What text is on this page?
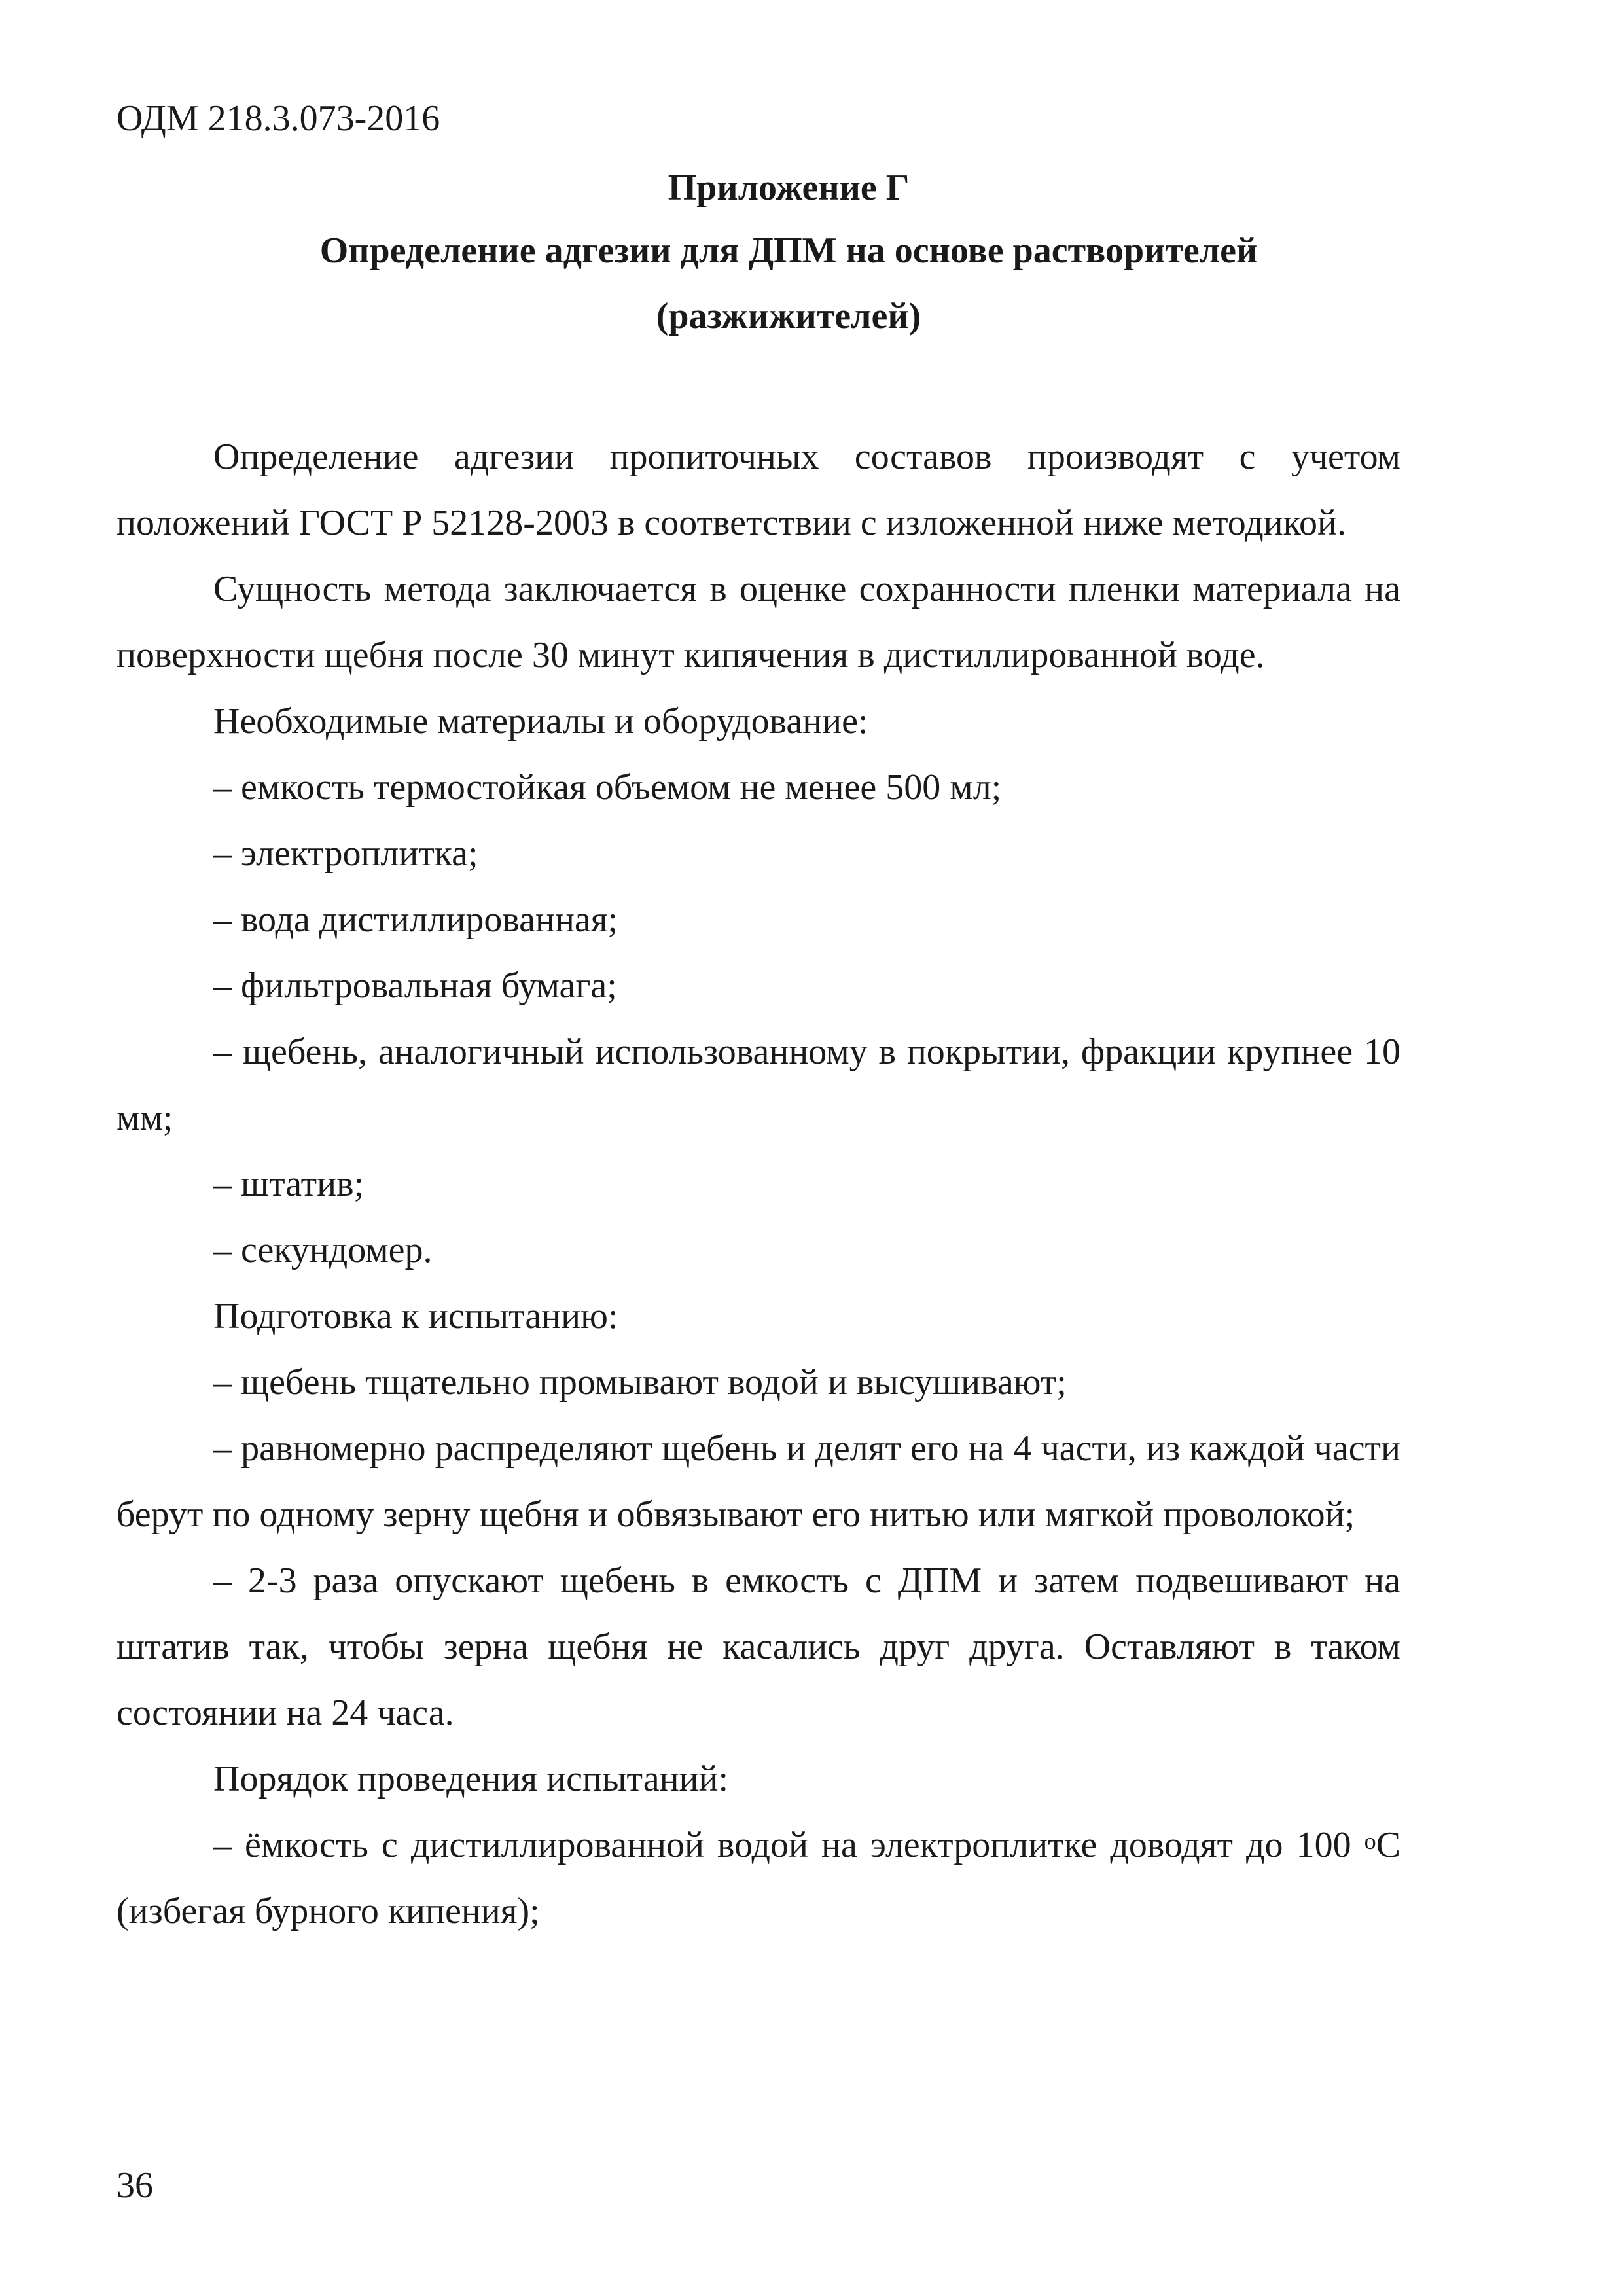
ОДМ 218.3.073-2016
Приложение Г
Определение адгезии для ДПМ на основе растворителей
(разжижителей)

Определение адгезии пропиточных составов производят с учетом положений ГОСТ Р 52128-2003 в соответствии с изложенной ниже методикой.

Сущность метода заключается в оценке сохранности пленки материала на поверхности щебня после 30 минут кипячения в дистиллированной воде.

Необходимые материалы и оборудование:

– емкость термостойкая объемом не менее 500 мл;

– электроплитка;

– вода дистиллированная;

– фильтровальная бумага;

– щебень, аналогичный использованному в покрытии, фракции крупнее 10 мм;

– штатив;

– секундомер.

Подготовка к испытанию:

– щебень тщательно промывают водой и высушивают;

– равномерно распределяют щебень и делят его на 4 части, из каждой части берут по одному зерну щебня и обвязывают его нитью или мягкой проволокой;

– 2-3 раза опускают щебень в емкость с ДПМ и затем подвешивают на штатив так, чтобы зерна щебня не касались друг друга. Оставляют в таком состоянии на 24 часа.

Порядок проведения испытаний:

– ёмкость с дистиллированной водой на электроплитке доводят до 100 $^о$С (избегая бурного кипения);

36
